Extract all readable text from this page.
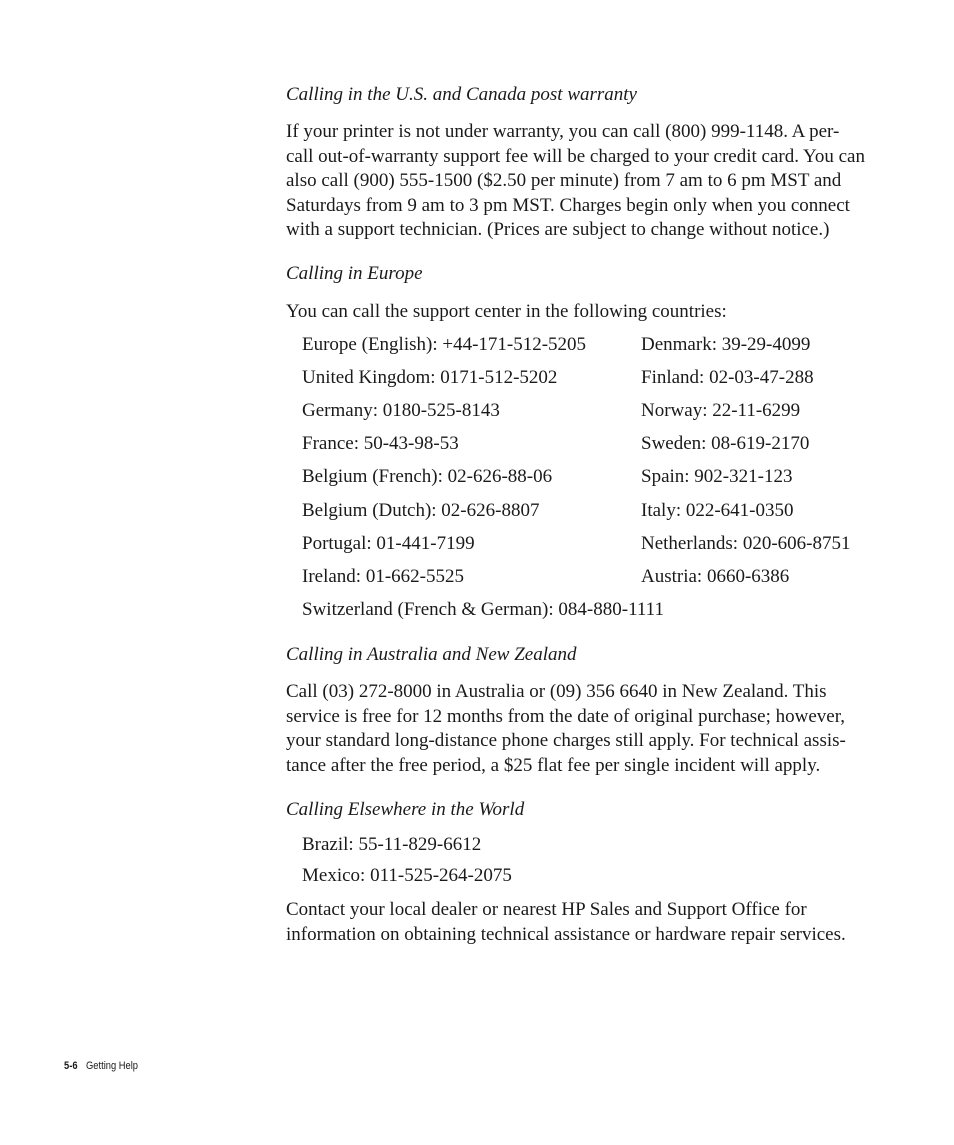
Calling in the U.S. and Canada post warranty
If your printer is not under warranty, you can call (800) 999-1148. A per-
call out-of-warranty support fee will be charged to your credit card. You can
also call (900) 555-1500 ($2.50 per minute) from 7 am to 6 pm MST and
Saturdays from 9 am to 3 pm MST. Charges begin only when you connect
with a support technician. (Prices are subject to change without notice.)
Calling in Europe
You can call the support center in the following countries:
Europe (English): +44-171-512-5205	Denmark: 39-29-4099
United Kingdom: 0171-512-5202	Finland: 02-03-47-288
Germany: 0180-525-8143	Norway: 22-11-6299
France: 50-43-98-53	Sweden: 08-619-2170
Belgium (French): 02-626-88-06	Spain: 902-321-123
Belgium (Dutch): 02-626-8807	Italy: 022-641-0350
Portugal: 01-441-7199	Netherlands: 020-606-8751
Ireland: 01-662-5525	Austria: 0660-6386
Switzerland (French & German): 084-880-1111
Calling in Australia and New Zealand
Call (03) 272-8000 in Australia or (09) 356 6640 in New Zealand. This
service is free for 12 months from the date of original purchase; however,
your standard long-distance phone charges still apply. For technical assis-
tance after the free period, a $25 flat fee per single incident will apply.
Calling Elsewhere in the World
Brazil: 55-11-829-6612
Mexico: 011-525-264-2075
Contact your local dealer or nearest HP Sales and Support Office for
information on obtaining technical assistance or hardware repair services.
5-6 Getting Help
